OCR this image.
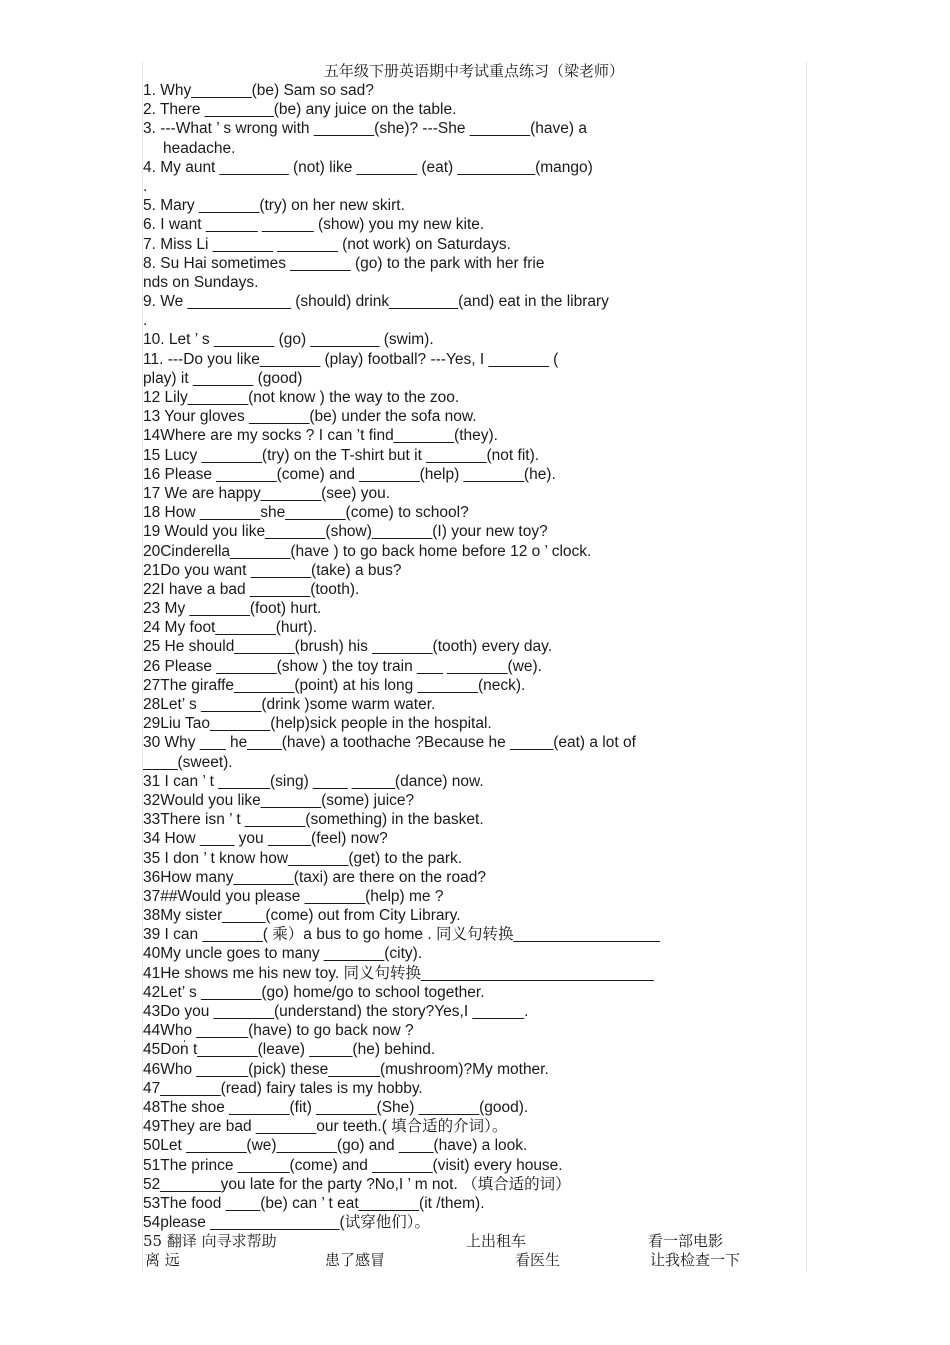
五年级下册英语期中考试重点练习（梁老师）
1. Why_______(be) Sam so sad?
2. There ________(be) any juice on the table.
3. ---What ’ s wrong with _______(she)? ---She _______(have) a
headache.
4. My aunt ________ (not) like _______ (eat) _________(mango)
.
5. Mary _______(try) on her new skirt.
6. I want ______ ______ (show) you my new kite.
7. Miss Li _______ _______ (not work) on Saturdays.
8. Su Hai sometimes _______ (go) to the park with her frie
nds on Sundays.
9. We ____________ (should) drink________(and) eat in the library
.
10. Let ’ s _______ (go) ________ (swim).
11. ---Do you like_______ (play) football? ---Yes, I _______ (
play) it _______ (good)
12 Lily_______(not know ) the way to the zoo.
13 Your gloves _______(be) under the sofa now.
14Where are my socks ? I can ’t find_______(they).
15 Lucy _______(try) on the T-shirt but it _______(not fit).
16 Please _______(come) and _______(help) _______(he).
17 We are happy_______(see) you.
18 How _______she_______(come) to school?
19 Would you like_______(show)_______(I) your new toy?
20Cinderella_______(have ) to go back home before 12 o ’ clock.
21Do you want _______(take) a bus?
22I have a bad _______(tooth).
23 My _______(foot) hurt.
24 My foot_______(hurt).
25 He should_______(brush) his _______(tooth) every day.
26 Please _______(show ) the toy train ___ _______(we).
27The giraffe_______(point) at his long _______(neck).
28Let’ s _______(drink )some warm water.
29Liu Tao_______(help)sick people in the hospital.
30 Why ___ he____(have) a toothache ?Because he _____(eat) a lot of
____(sweet).
31 I can ’ t ______(sing) ____ _____(dance) now.
32Would you like_______(some) juice?
33There isn ’ t _______(something) in the basket.
34 How ____ you _____(feel) now?
35 I don ’ t know how_______(get) to the park.
36How many_______(taxi) are there on the road?
37##Would you please _______(help) me ?
38My sister_____(come) out from City Library.
39 I can _______( 乘）a bus to go home . 同义句转换_________________
40My uncle goes to many _______(city).
41He shows me his new toy. 同义句转换___________________________
42Let’ s _______(go) home/go to school together.
43Do you _______(understand) the story?Yes,I ______.
44Who ______(have) to go back now ?
45Don̓ t_______(leave) _____(he) behind.
46Who ______(pick) these______(mushroom)?My mother.
47_______(read) fairy tales is my hobby.
48The shoe _______(fit) _______(She) _______(good).
49They are bad _______our teeth.( 填合适的介词）。
50Let _______(we)_______(go) and ____(have) a look.
51The prince ______(come) and _______(visit) every house.
52_______you late for the party ?No,I ’ m not. （填合适的词）
53The food ____(be) can ’ t eat_______(it /them).
54please _______________(试穿他们）。
55 翻译 向寻求帮助	上出租车	看一部电影
离 远	患了感冒	看医生	让我检查一下
